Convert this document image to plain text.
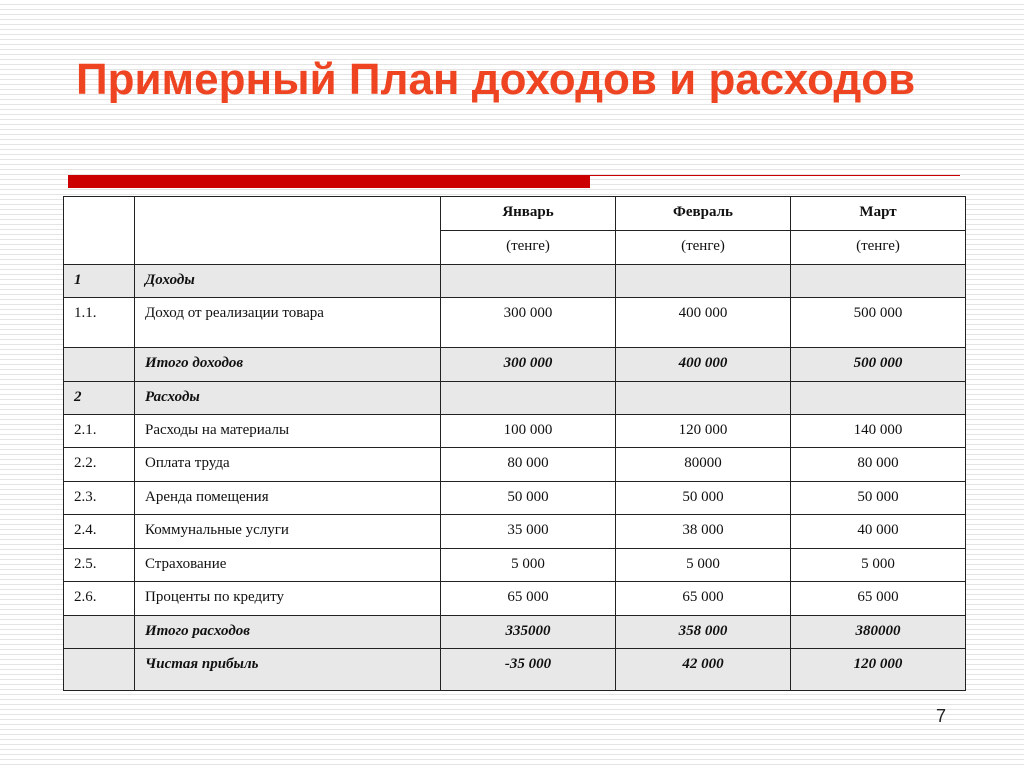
Примерный План доходов и расходов
		Январь	Февраль	Март
		(тенге)	(тенге)	(тенге)
1	Доходы			
1.1.	Доход от реализации товара	300 000	400 000	500 000
	Итого доходов	300 000	400 000	500 000
2	Расходы			
2.1.	Расходы на материалы	100 000	120 000	140 000
2.2.	Оплата труда	80 000	80000	80 000
2.3.	Аренда помещения	50 000	50 000	50 000
2.4.	Коммунальные услуги	35 000	38 000	40 000
2.5.	Страхование	5 000	5 000	5 000
2.6.	Проценты по кредиту	65 000	65 000	65 000
	Итого расходов	335000	358 000	380000
	Чистая прибыль	-35 000	42 000	120 000
7
